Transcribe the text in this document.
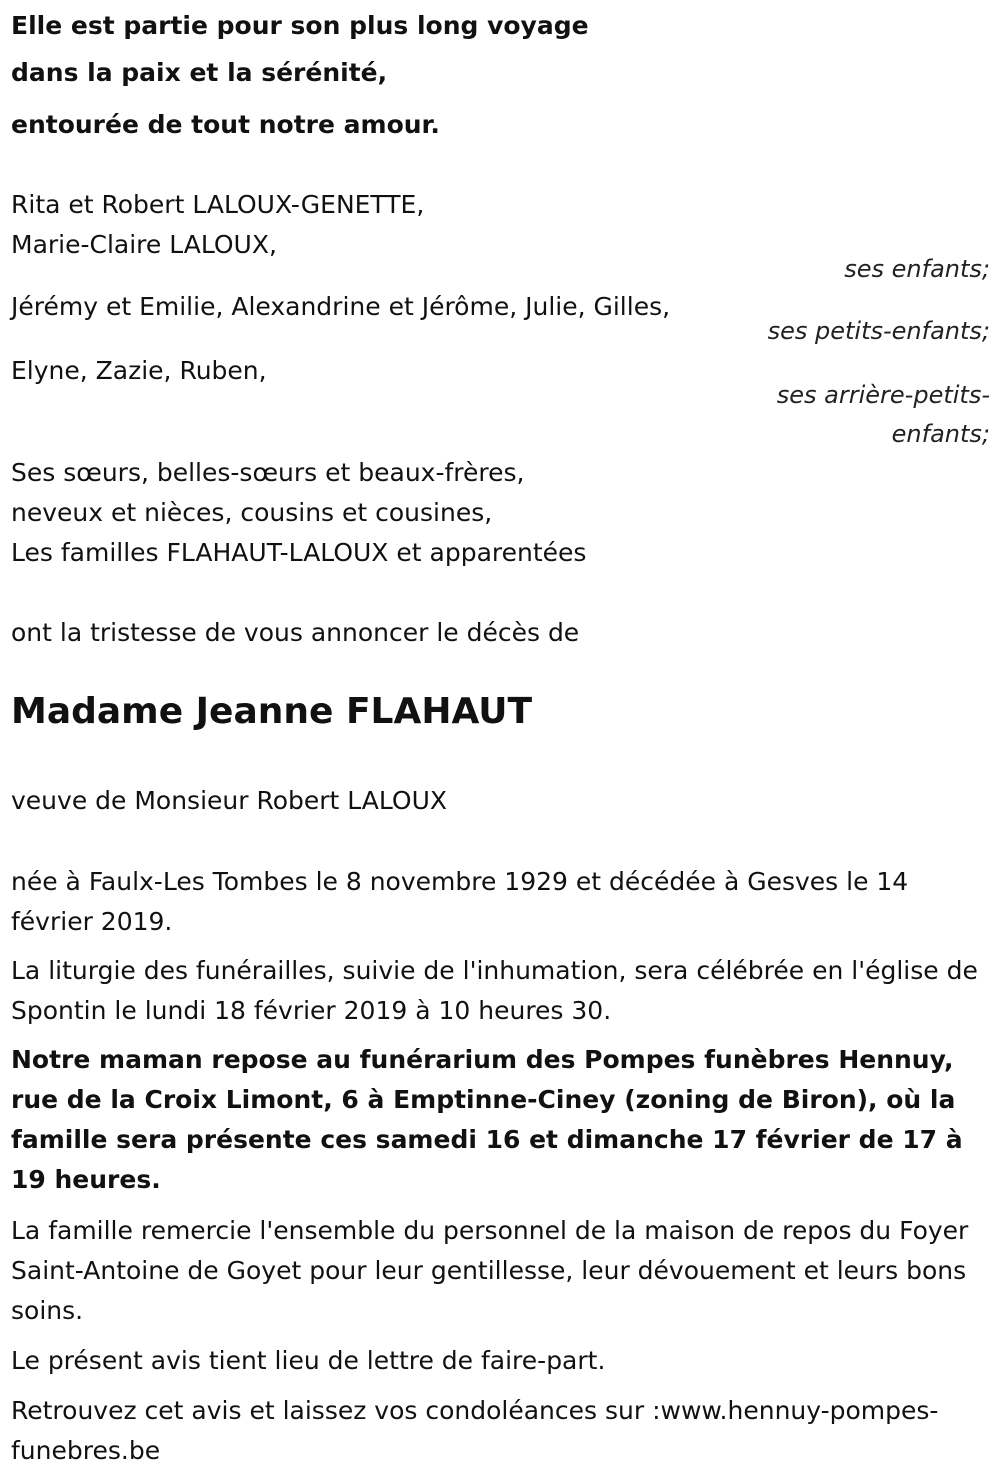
Elle est partie pour son plus long voyage

dans la paix et la sérénité,

entourée de tout notre amour.

Rita et Robert LALOUX-GENETTE,

Marie-Claire LALOUX,

ses enfants;

Jérémy et Emilie, Alexandrine et Jérôme, Julie, Gilles,

ses petits-enfants;

Elyne, Zazie, Ruben,

ses arrière-petits-

enfants;

Ses sœurs, belles-sœurs et beaux-frères,

neveux et nièces, cousins et cousines,

Les familles FLAHAUT-LALOUX et apparentées

ont la tristesse de vous annoncer le décès de

Madame Jeanne FLAHAUT

veuve de Monsieur Robert LALOUX

née à Faulx-Les Tombes le 8 novembre 1929 et décédée à Gesves le 14 février 2019.

La liturgie des funérailles, suivie de l'inhumation, sera célébrée en l'église de Spontin le lundi 18 février 2019 à 10 heures 30.

Notre maman repose au funérarium des Pompes funèbres Hennuy, rue de la Croix Limont, 6 à Emptinne-Ciney (zoning de Biron), où la famille sera présente ces samedi 16 et dimanche 17 février de 17 à 19 heures.

La famille remercie l'ensemble du personnel de la maison de repos du Foyer Saint-Antoine de Goyet pour leur gentillesse, leur dévouement et leurs bons soins.

Le présent avis tient lieu de lettre de faire-part.

Retrouvez cet avis et laissez vos condoléances sur :www.hennuy-pompes-funebres.be
